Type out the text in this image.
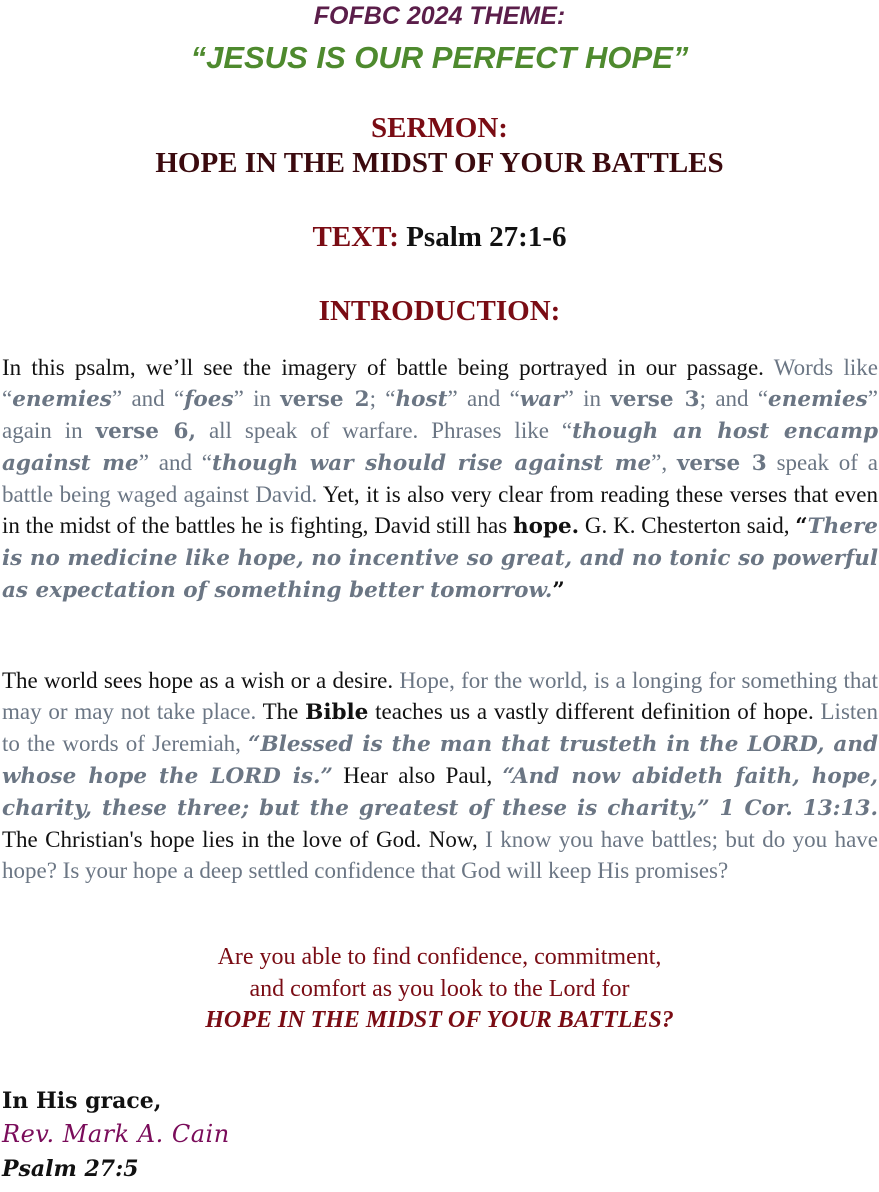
FOFBC 2024 THEME:
“JESUS IS OUR PERFECT HOPE”
SERMON:
HOPE IN THE MIDST OF YOUR BATTLES
TEXT: Psalm 27:1-6
INTRODUCTION:

In this psalm, we’ll see the imagery of battle being portrayed in our passage. Words like “enemies” and “foes” in verse 2; “host” and “war” in verse 3; and “enemies” again in verse 6, all speak of warfare. Phrases like “though an host encamp against me” and “though war should rise against me”, verse 3 speak of a battle being waged against David. Yet, it is also very clear from reading these verses that even in the midst of the battles he is fighting, David still has hope. G. K. Chesterton said, “There is no medicine like hope, no incentive so great, and no tonic so powerful as expectation of something better tomorrow.”

The world sees hope as a wish or a desire. Hope, for the world, is a longing for something that may or may not take place. The Bible teaches us a vastly different definition of hope. Listen to the words of Jeremiah, “Blessed is the man that trusteth in the LORD, and whose hope the LORD is.” Hear also Paul, “And now abideth faith, hope, charity, these three; but the greatest of these is charity,” 1 Cor. 13:13. The Christian's hope lies in the love of God. Now, I know you have battles; but do you have hope? Is your hope a deep settled confidence that God will keep His promises?

Are you able to find confidence, commitment,
and comfort as you look to the Lord for
HOPE IN THE MIDST OF YOUR BATTLES?
In His grace,
Rev. Mark A. Cain
Psalm 27:5
